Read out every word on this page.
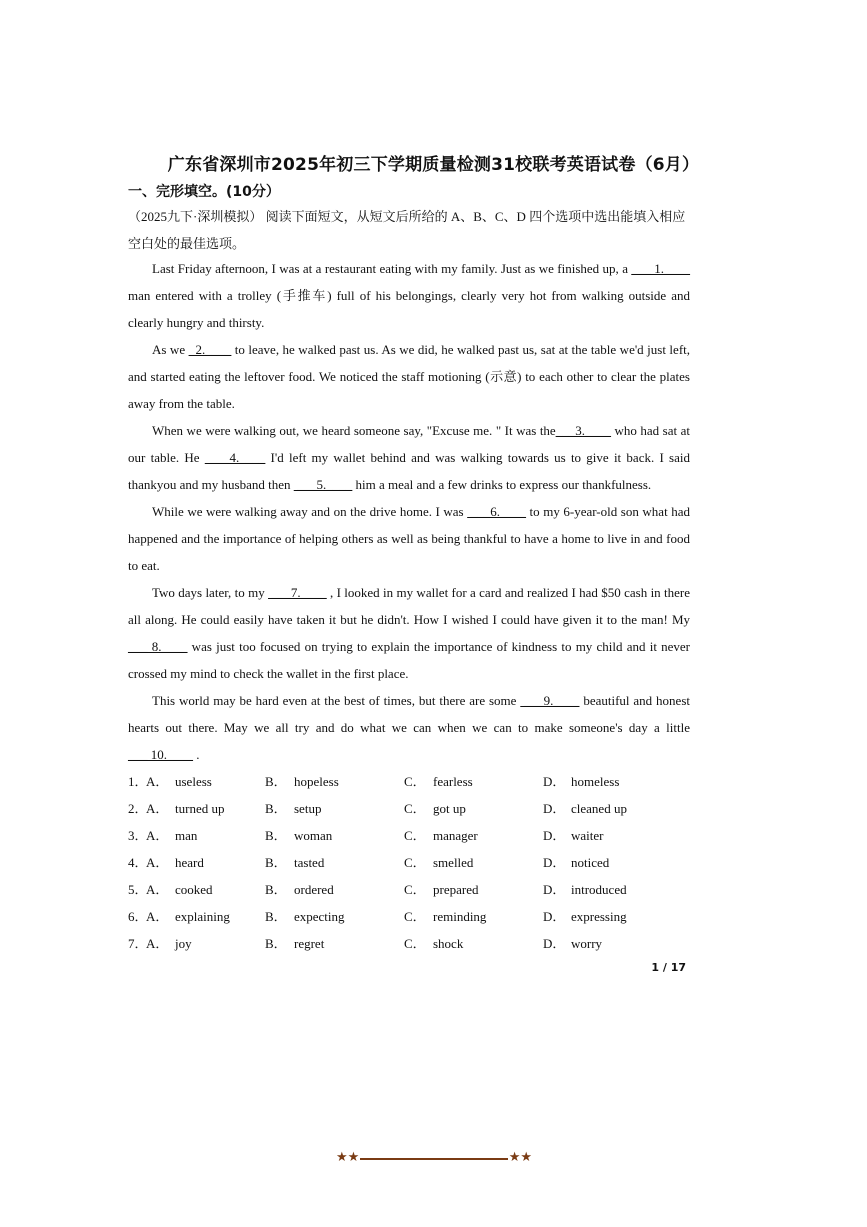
广东省深圳市2025年初三下学期质量检测31校联考英语试卷（6月）
一、完形填空。(10分）
（2025九下·深圳模拟） 阅读下面短文，从短文后所给的 A、B、C、D 四个选项中选出能填入相应空白处的最佳选项。

Last Friday afternoon, I was at a restaurant eating with my family. Just as we finished up, a ___ 1.____ man entered with a trolley (手推车) full of his belongings, clearly very hot from walking outside and clearly hungry and thirsty.

As we   2.____ to leave, he walked past us. As we did, he walked past us, sat at the table we'd just left, and started eating the leftover food. We noticed the staff motioning (示意) to each other to clear the plates away from the table.

When we were walking out, we heard someone say, "Excuse me. " It was the___3.____ who had sat at our table. He  ___4.____ I'd left my wallet behind and was walking towards us to give it back. I said thankyou and my husband then  ___5.____ him a meal and a few drinks to express our thankfulness.

While we were walking away and on the drive home. I was  ___6.____ to my 6-year-old son what had happened and the importance of helping others as well as being thankful to have a home to live in and food to eat.

Two days later, to my  ___7.____ , I looked in my wallet for a card and realized I had $50 cash in there all along. He could easily have taken it but he didn't. How I wished I could have given it to the man! My ___ 8.____ was just too focused on trying to explain the importance of kindness to my child and it never crossed my mind to check the wallet in the first place.

This world may be hard even at the best of times, but there are some  ___9.____ beautiful and honest hearts out there. May we all try and do what we can when we can to make someone's day a little ___ 10.____ .

1．
A． useless	B． hopeless	C． fearless	D． homeless
2．
A． turned up	B． setup	C． got up	D． cleaned up
3．
A． man	B． woman	C． manager	D． waiter
4．
A． heard	B． tasted	C． smelled	D． noticed
5．
A． cooked	B． ordered	C． prepared	D． introduced
6．
A． explaining	B． expecting	C． reminding	D． expressing
7．
A． joy	B． regret	C． shock	D． worry
1 / 17
★★	★★
